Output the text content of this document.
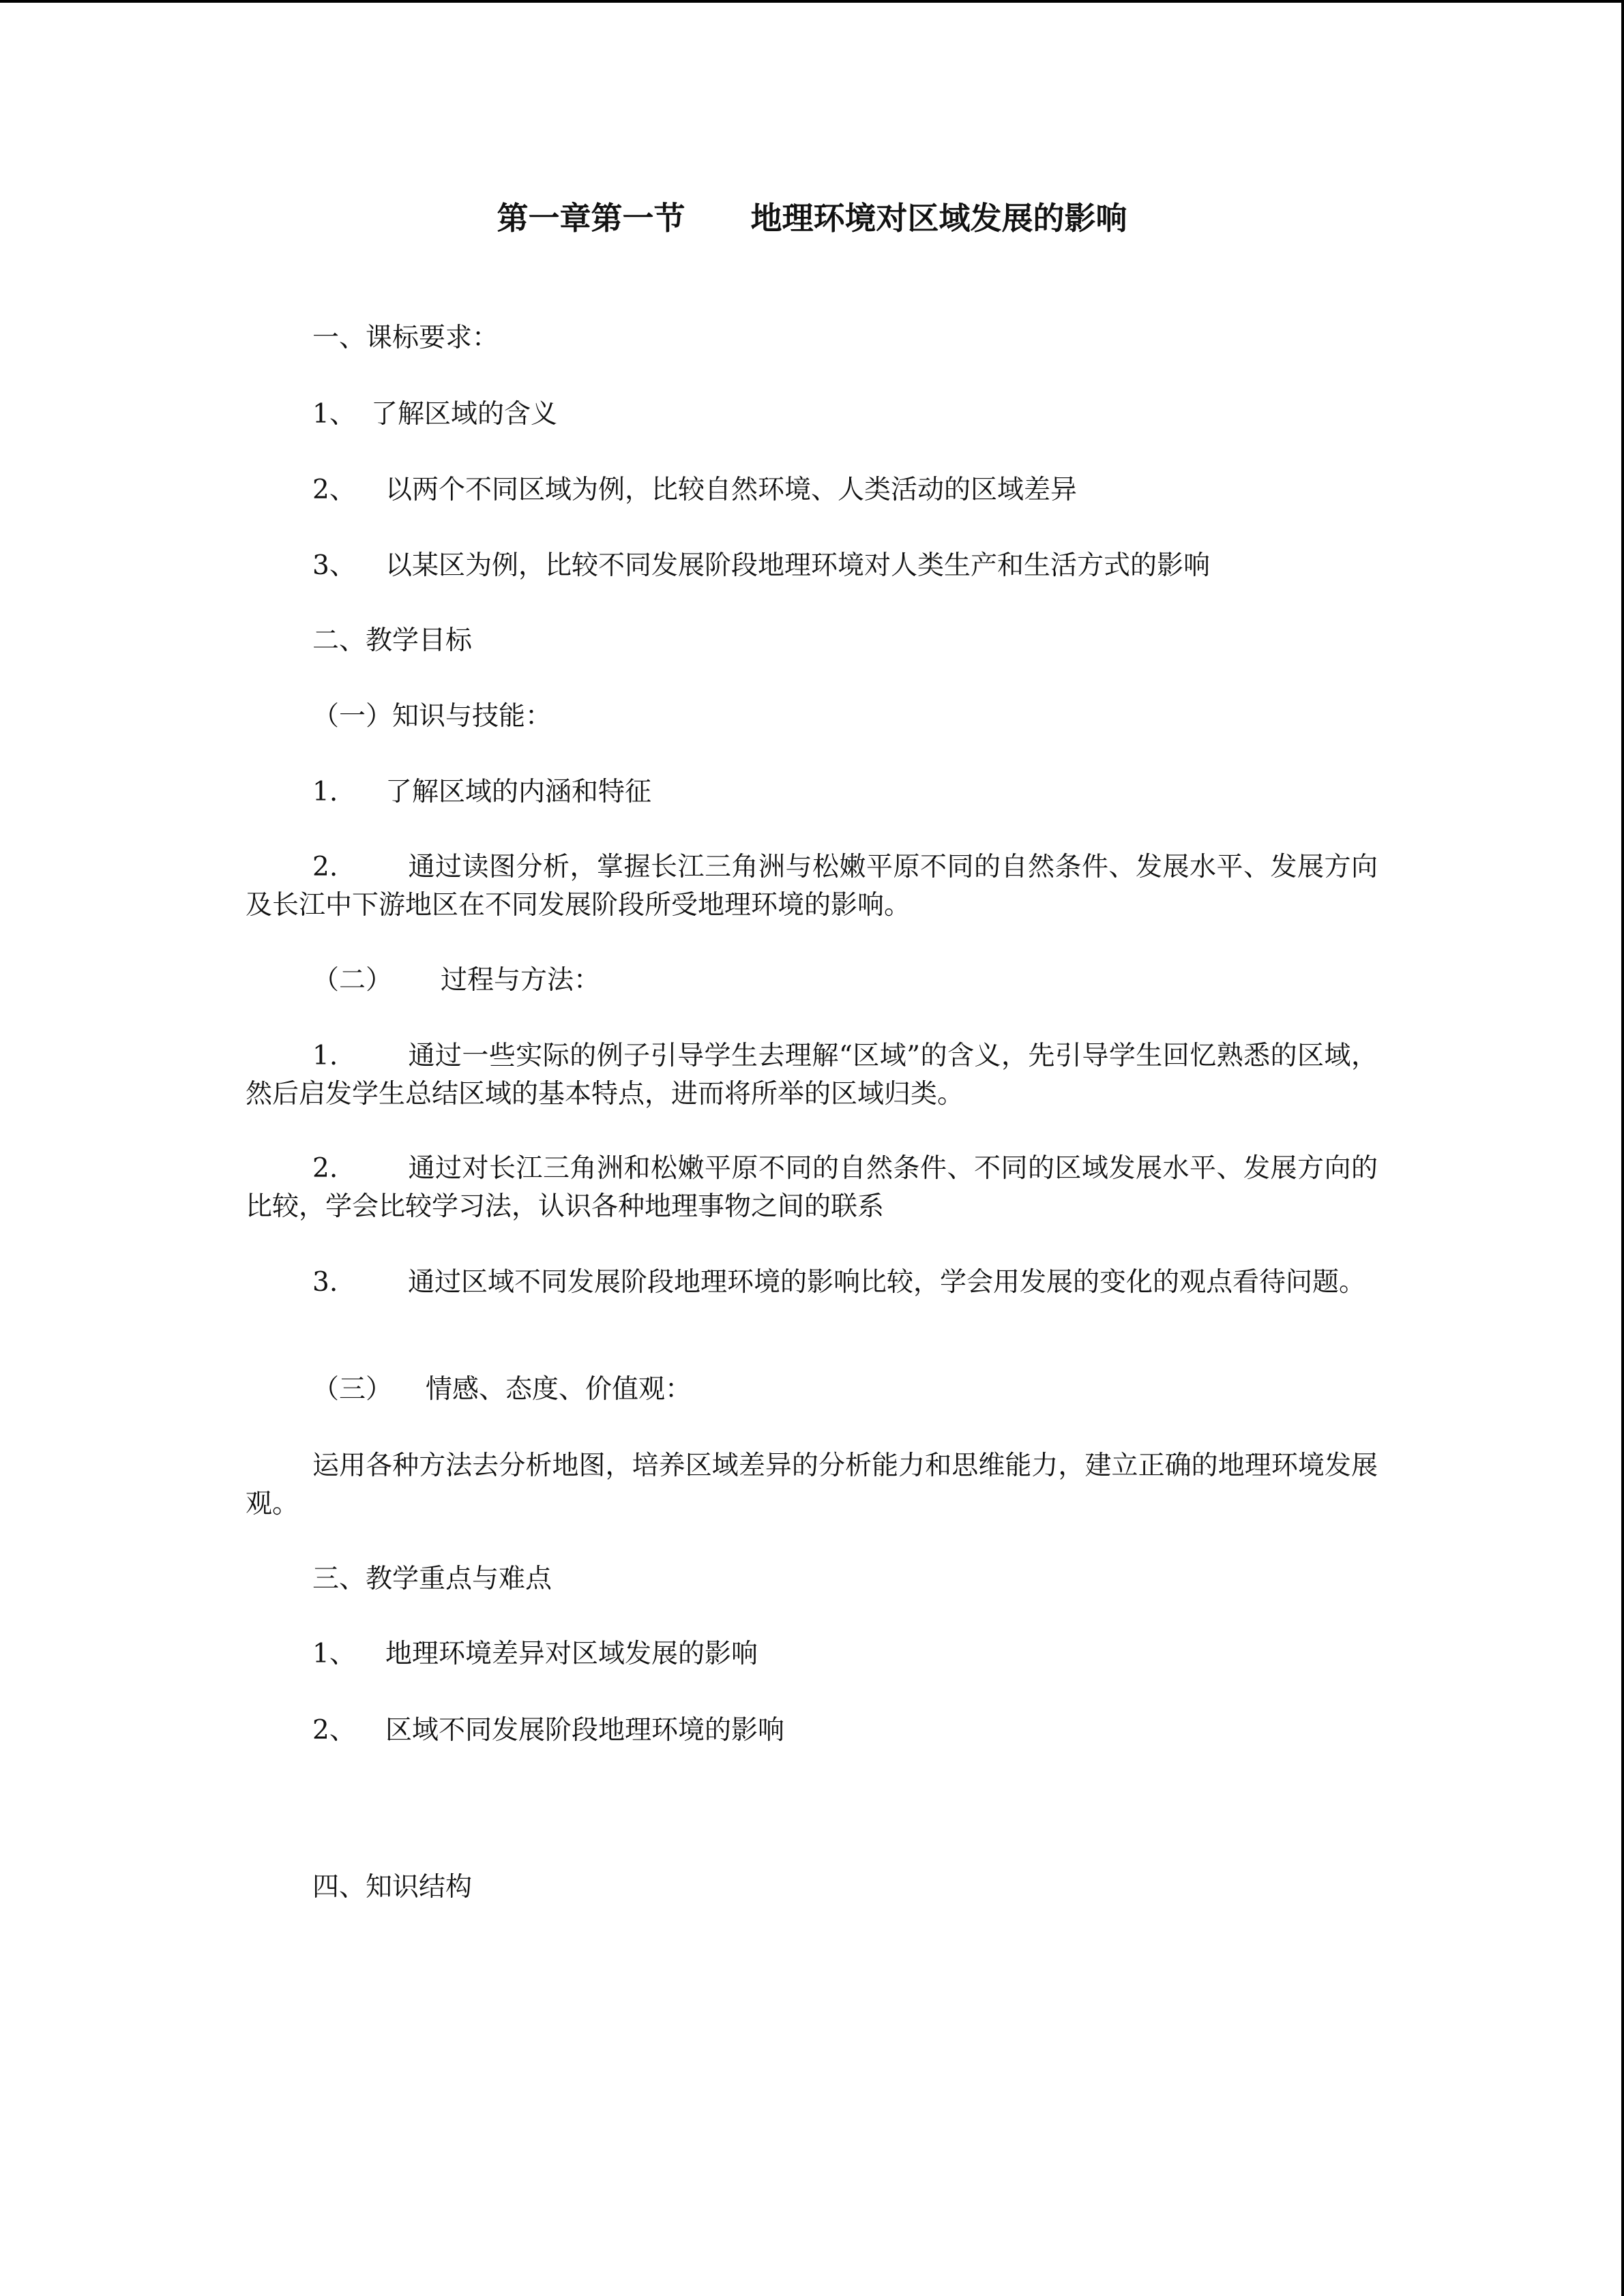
第一章第一节      地理环境对区域发展的影响
一、课标要求：
1、 了解区域的含义
2、 以两个不同区域为例，比较自然环境、人类活动的区域差异
3、 以某区为例，比较不同发展阶段地理环境对人类生产和生活方式的影响
二、教学目标
（一）知识与技能：
1. 了解区域的内涵和特征
2.	通过读图分析，掌握长江三角洲与松嫩平原不同的自然条件、发展水平、发展方向及长江中下游地区在不同发展阶段所受地理环境的影响。
（二） 过程与方法：
1.	通过一些实际的例子引导学生去理解“区域”的含义，先引导学生回忆熟悉的区域，然后启发学生总结区域的基本特点，进而将所举的区域归类。
2.	通过对长江三角洲和松嫩平原不同的自然条件、不同的区域发展水平、发展方向的比较，学会比较学习法，认识各种地理事物之间的联系
3.	通过区域不同发展阶段地理环境的影响比较，学会用发展的变化的观点看待问题。
（三） 情感、态度、价值观：
运用各种方法去分析地图，培养区域差异的分析能力和思维能力，建立正确的地理环境发展观。
三、教学重点与难点
1、 地理环境差异对区域发展的影响
2、 区域不同发展阶段地理环境的影响
四、知识结构
